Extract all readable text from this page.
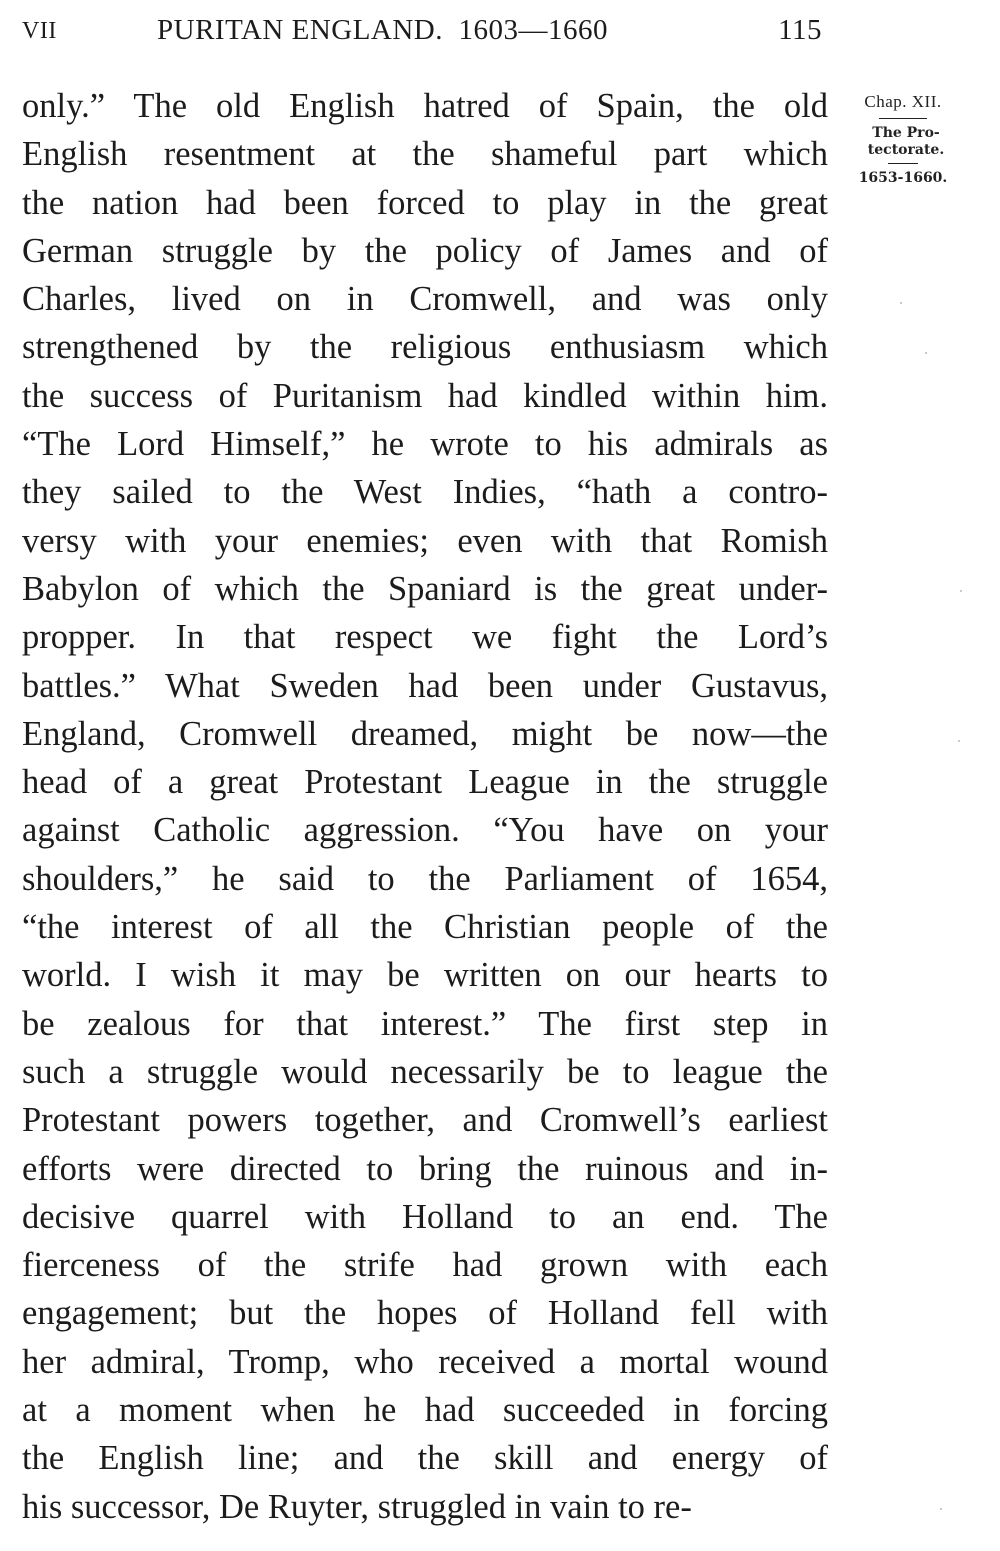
VII	PURITAN ENGLAND.  1603—1660	115
only.” The old English hatred of Spain, the old
English resentment at the shameful part which
the nation had been forced to play in the great
German struggle by the policy of James and of
Charles, lived on in Cromwell, and was only
strengthened by the religious enthusiasm which
the success of Puritanism had kindled within him.
“The Lord Himself,” he wrote to his admirals as
they sailed to the West Indies, “hath a contro-
versy with your enemies; even with that Romish
Babylon of which the Spaniard is the great under-
propper. In that respect we fight the Lord’s
battles.” What Sweden had been under Gustavus,
England, Cromwell dreamed, might be now—the
head of a great Protestant League in the struggle
against Catholic aggression. “You have on your
shoulders,” he said to the Parliament of 1654,
“the interest of all the Christian people of the
world. I wish it may be written on our hearts to
be zealous for that interest.” The first step in
such a struggle would necessarily be to league the
Protestant powers together, and Cromwell’s earliest
efforts were directed to bring the ruinous and in-
decisive quarrel with Holland to an end. The
fierceness of the strife had grown with each
engagement; but the hopes of Holland fell with
her admiral, Tromp, who received a mortal wound
at a moment when he had succeeded in forcing
the English line; and the skill and energy of
his successor, De Ruyter, struggled in vain to re-
Chap. XII.
The Pro-
tectorate.
1653-1660.
